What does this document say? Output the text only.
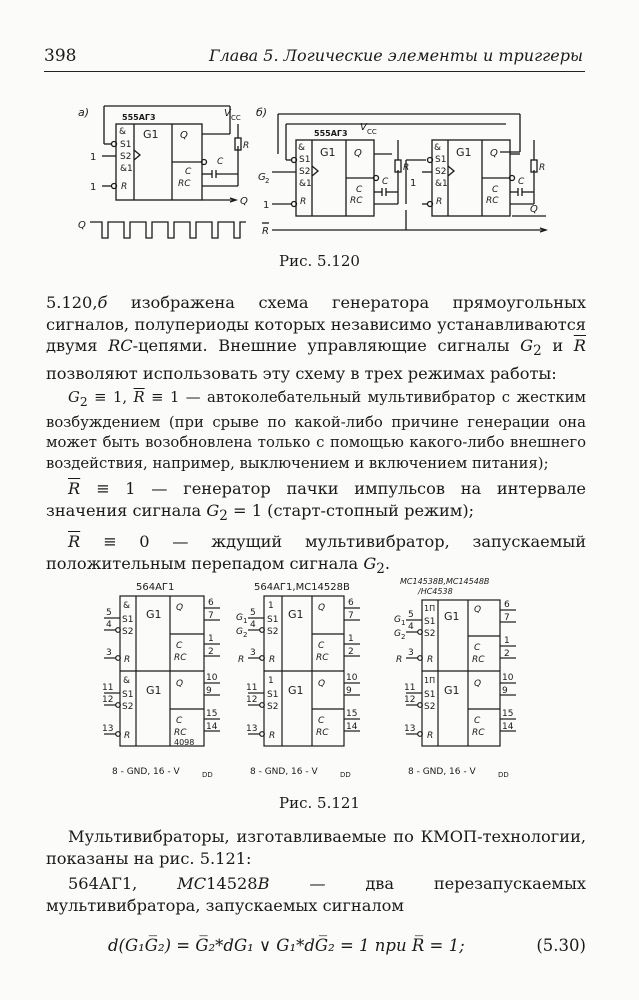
398	Глава 5. Логические элементы и триггеры
а)	555АГ3
&
S1
S2
&1
R
G1 Q
C
RC
1
1
Q
C
R
V CC
Q
б)
555АГ3
V CC
&
S1
S2
&1
R
G1 Q
C
RC
G 2
1
C
R
1
&
S1
S2
&1
R
G1 Q
C
RC
C
R
Q
R
Рис. 5.120

5.120,б изображена схема генератора прямоугольных сигналов, полупериоды которых независимо устанавливаются двумя RC-цепями. Внешние управляющие сигналы $G_2$ и $\overline{R}$ позволяют использовать эту схему в трех режимах работы:

$G_2 \equiv 1$, $\overline{R} \equiv 1$ — автоколебательный мультивибратор с жестким возбуждением (при срыве по какой-либо причине генерации она может быть возобновлена только с помощью какого-либо внешнего воздействия, например, выключением и включением питания);

$\overline{R} \equiv 1$ — генератор пачки импульсов на интервале значения сигнала $G_2 = 1$ (старт-стопный режим);

$\overline{R} \equiv 0$ — ждущий мультивибратор, запускаемый положительным перепадом сигнала $G_2$.

564АГ1
&
S1
S2
R
G1 Q
C
RC
&
S1
S2
R
G1 Q
C
RC
4098
5
4
3
11
12
13
6
7
1
2
10
9
15
14
8 - GND, 16 - V	DD
564АГ1,МС14528В
1
S1
S2
R
G1 Q
C
RC
1
S1
S2
R
G1 Q
C
RC
5
4
3
11
12
13
6
7
1
2
10
9
15
14
G 1
G 2
R
8 - GND, 16 - V	DD
МС14538В,МС14548В
/НС4538
1Π
S1
S2
R
G1 Q
C
RC
1Π
S1
S2
R
G1 Q
C
RC
5
4
3
11
12
13
6
7
1
2
10
9
15
14
G 1
G 2
R
8 - GND, 16 - V	DD
Рис. 5.121

Мультивибраторы, изготавливаемые по КМОП-технологии, показаны на рис. 5.121:

564АГ1, MC14528B — два перезапускаемых мультивибратора, запускаемых сигналом

d(G₁G̅₂) = G̅₂*dG₁ ∨ G₁*dG̅₂ = 1 при R̅ = 1;	(5.30)
